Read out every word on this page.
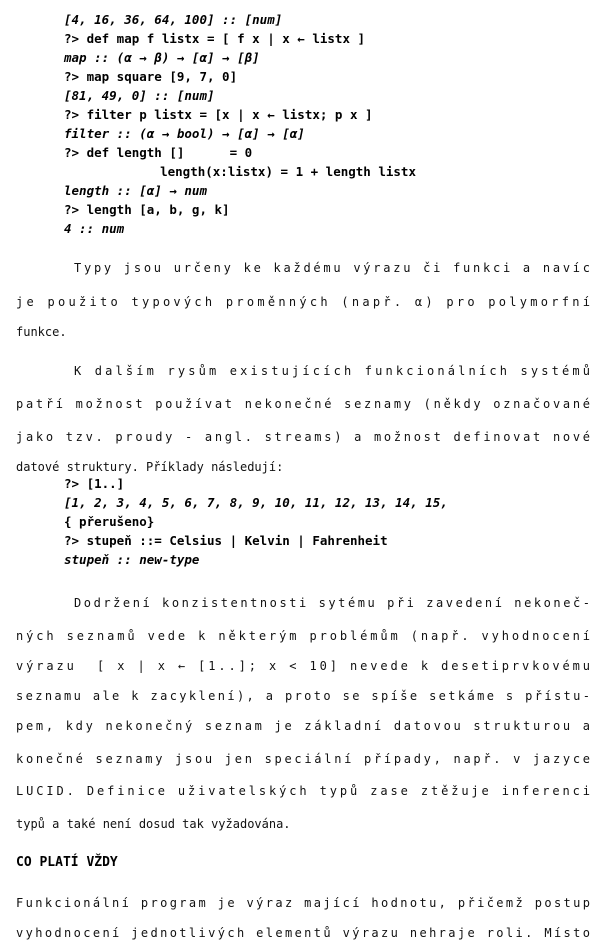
[4, 16, 36, 64, 100] :: [num]
?> def map f listx = [ f x | x ← listx ]
map :: (α → β) → [α] → [β]
?> map square [9, 7, 0]
[81, 49, 0] :: [num]
?> filter p listx = [x | x ← listx; p x ]
filter :: (α → bool) → [α] → [α]
?> def length []      = 0
length(x:listx) = 1 + length listx
length :: [α] → num
?> length [a, b, g, k]
4 :: num
Typy jsou určeny ke každému výrazu či funkci a navíc
je použito typových proměnných (např. α) pro polymorfní
funkce.
K dalším rysům existujících funkcionálních systémů
patří možnost používat nekonečné seznamy (někdy označované
jako tzv. proudy - angl. streams) a možnost definovat nové
datové struktury. Příklady následují:
?> [1..]
[1, 2, 3, 4, 5, 6, 7, 8, 9, 10, 11, 12, 13, 14, 15,
{ přerušeno}
?> stupeň ::= Celsius | Kelvin | Fahrenheit
stupeň :: new-type
Dodržení konzistentnosti sytému při zavedení nekoneč-
ných seznamů vede k některým problémům (např. vyhodnocení
výrazu  [ x | x ← [1..]; x < 10] nevede k desetiprvkovému
seznamu ale k zacyklení), a proto se spíše setkáme s přístu-
pem, kdy nekonečný seznam je základní datovou strukturou a
konečné seznamy jsou jen speciální případy, např. v jazyce
LUCID. Definice uživatelských typů zase ztěžuje inferenci
typů a také není dosud tak vyžadována.
CO PLATÍ VŽDY
Funkcionální program je výraz mající hodnotu, přičemž postup
vyhodnocení jednotlivých elementů výrazu nehraje roli. Místo
